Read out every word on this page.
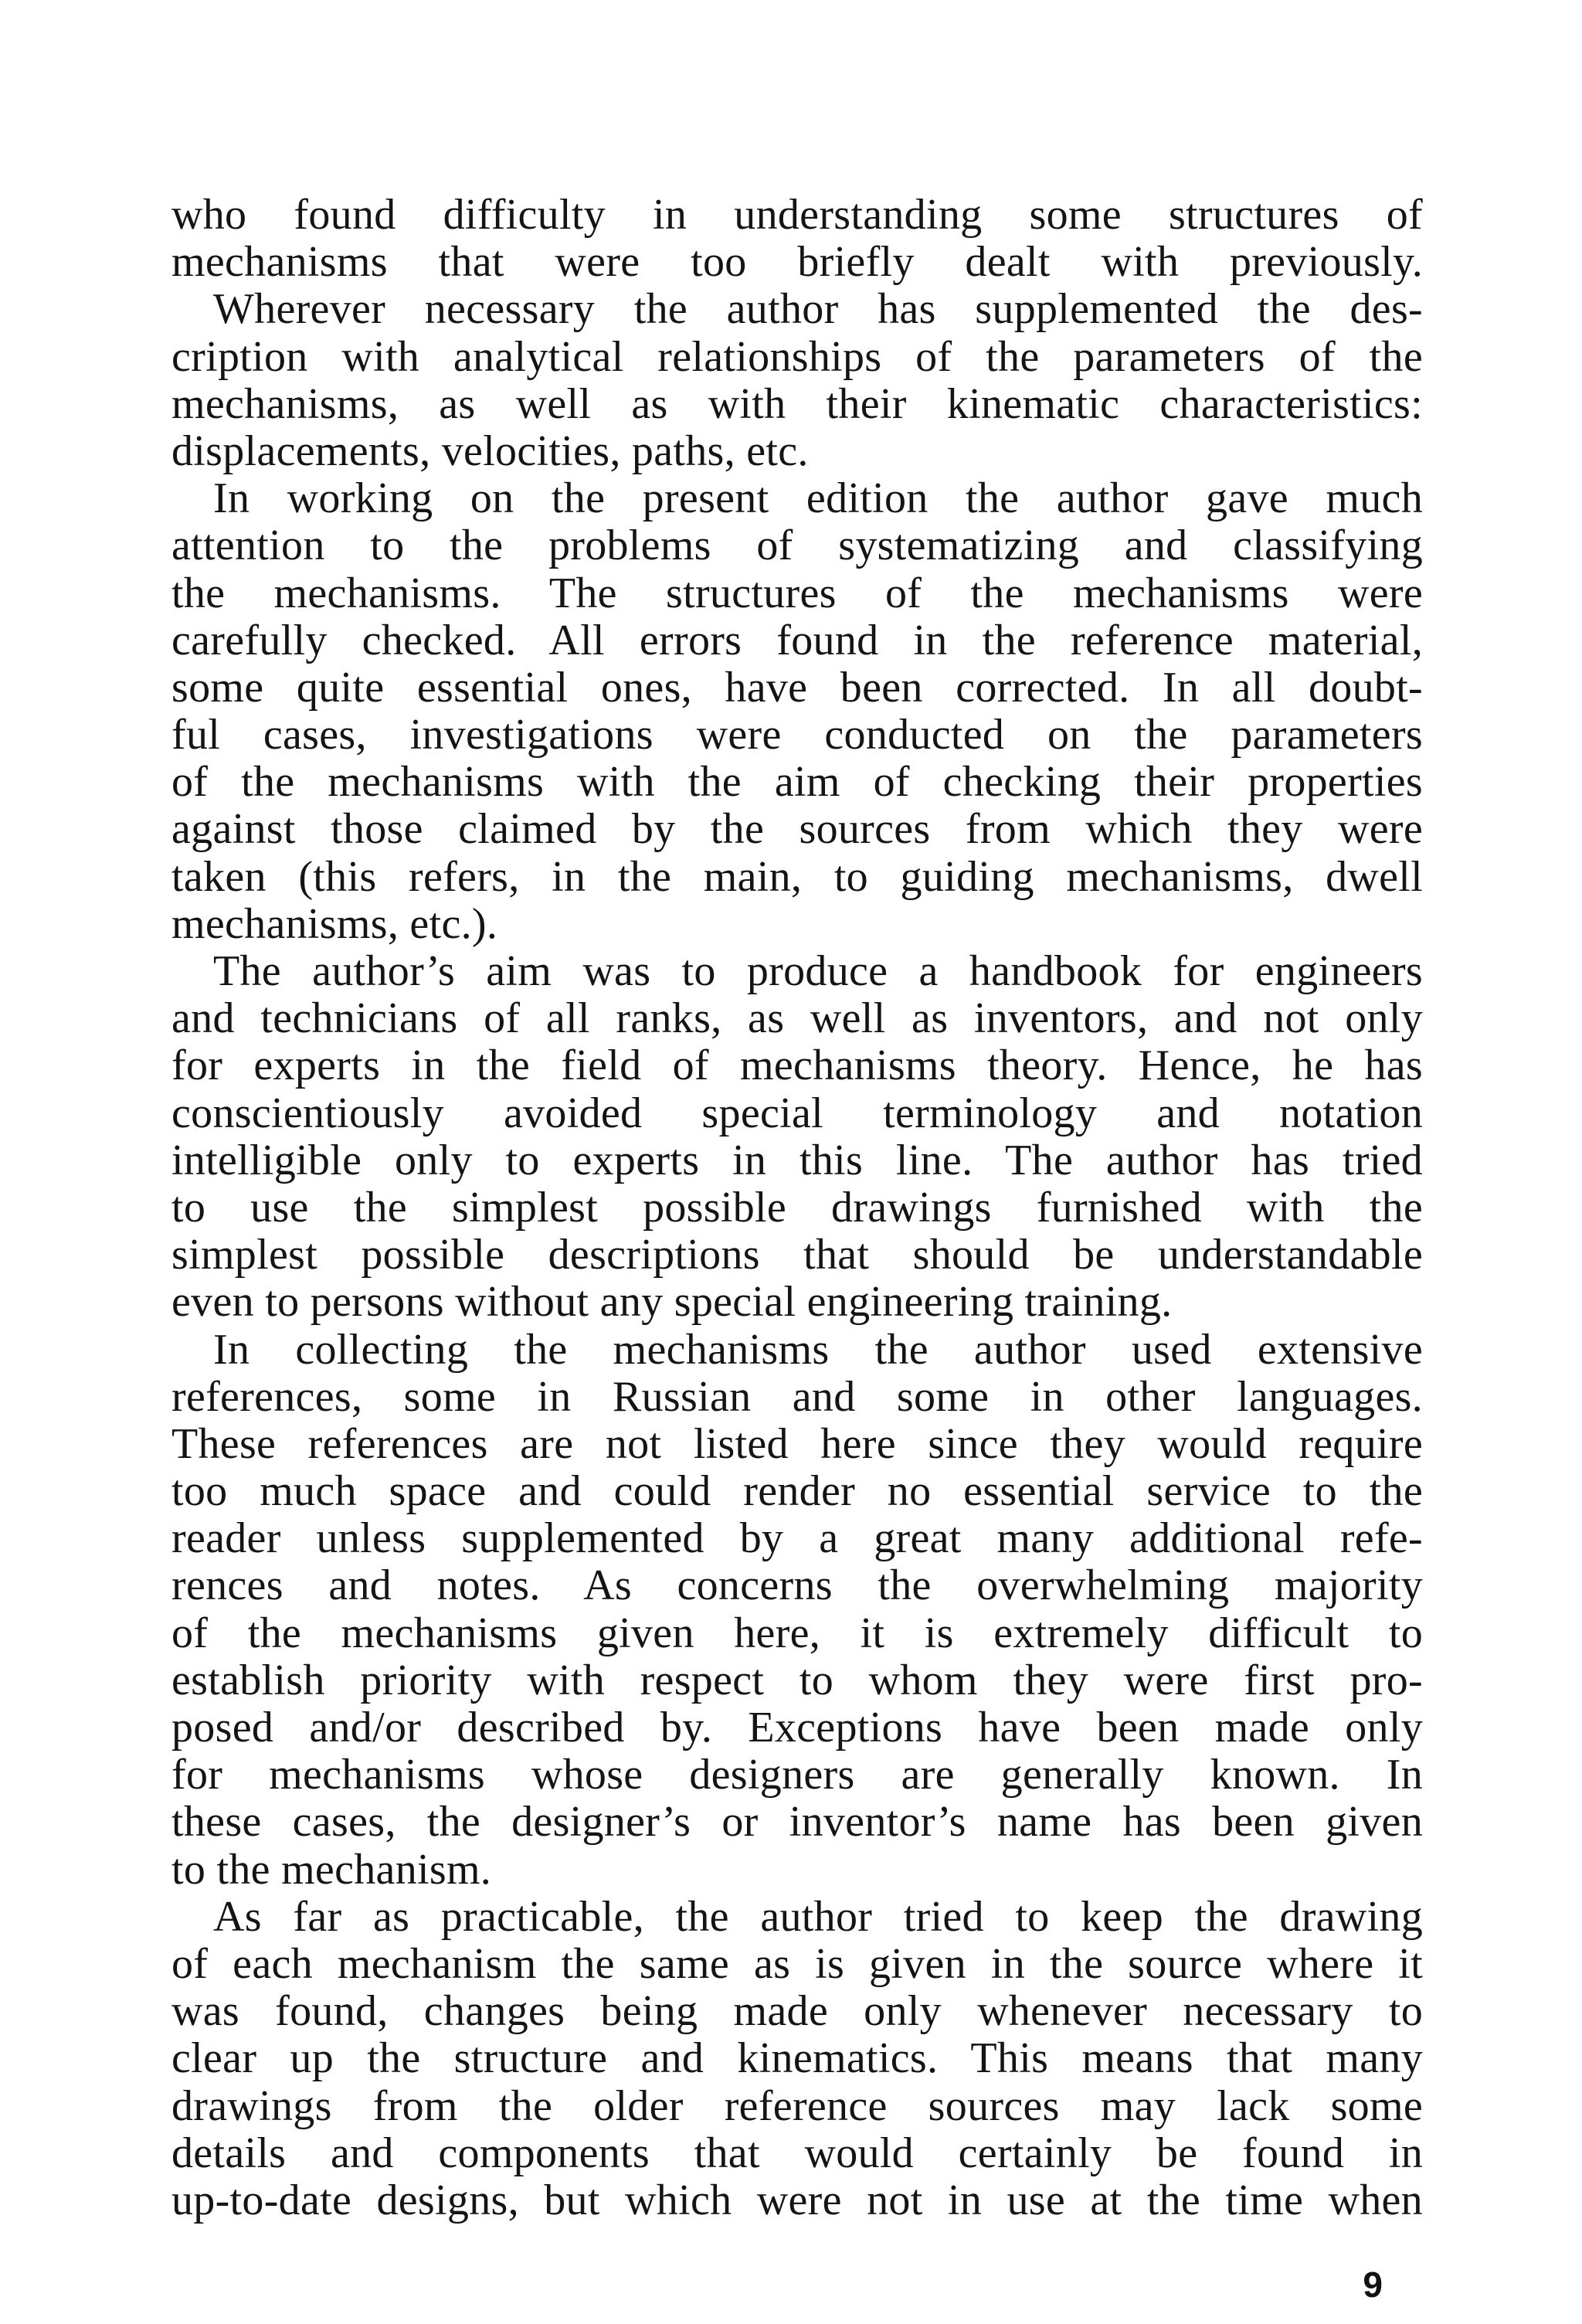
who found difficulty in understanding some structures of
mechanisms that were too briefly dealt with previously.
Wherever necessary the author has supplemented the des-
cription with analytical relationships of the parameters of the
mechanisms, as well as with their kinematic characteristics:
displacements, velocities, paths, etc.
In working on the present edition the author gave much
attention to the problems of systematizing and classifying
the mechanisms. The structures of the mechanisms were
carefully checked. All errors found in the reference material,
some quite essential ones, have been corrected. In all doubt-
ful cases, investigations were conducted on the parameters
of the mechanisms with the aim of checking their properties
against those claimed by the sources from which they were
taken (this refers, in the main, to guiding mechanisms, dwell
mechanisms, etc.).
The author’s aim was to produce a handbook for engineers
and technicians of all ranks, as well as inventors, and not only
for experts in the field of mechanisms theory. Hence, he has
conscientiously avoided special terminology and notation
intelligible only to experts in this line. The author has tried
to use the simplest possible drawings furnished with the
simplest possible descriptions that should be understandable
even to persons without any special engineering training.
In collecting the mechanisms the author used extensive
references, some in Russian and some in other languages.
These references are not listed here since they would require
too much space and could render no essential service to the
reader unless supplemented by a great many additional refe-
rences and notes. As concerns the overwhelming majority
of the mechanisms given here, it is extremely difficult to
establish priority with respect to whom they were first pro-
posed and/or described by. Exceptions have been made only
for mechanisms whose designers are generally known. In
these cases, the designer’s or inventor’s name has been given
to the mechanism.
As far as practicable, the author tried to keep the drawing
of each mechanism the same as is given in the source where it
was found, changes being made only whenever necessary to
clear up the structure and kinematics. This means that many
drawings from the older reference sources may lack some
details and components that would certainly be found in
up-to-date designs, but which were not in use at the time when
9
